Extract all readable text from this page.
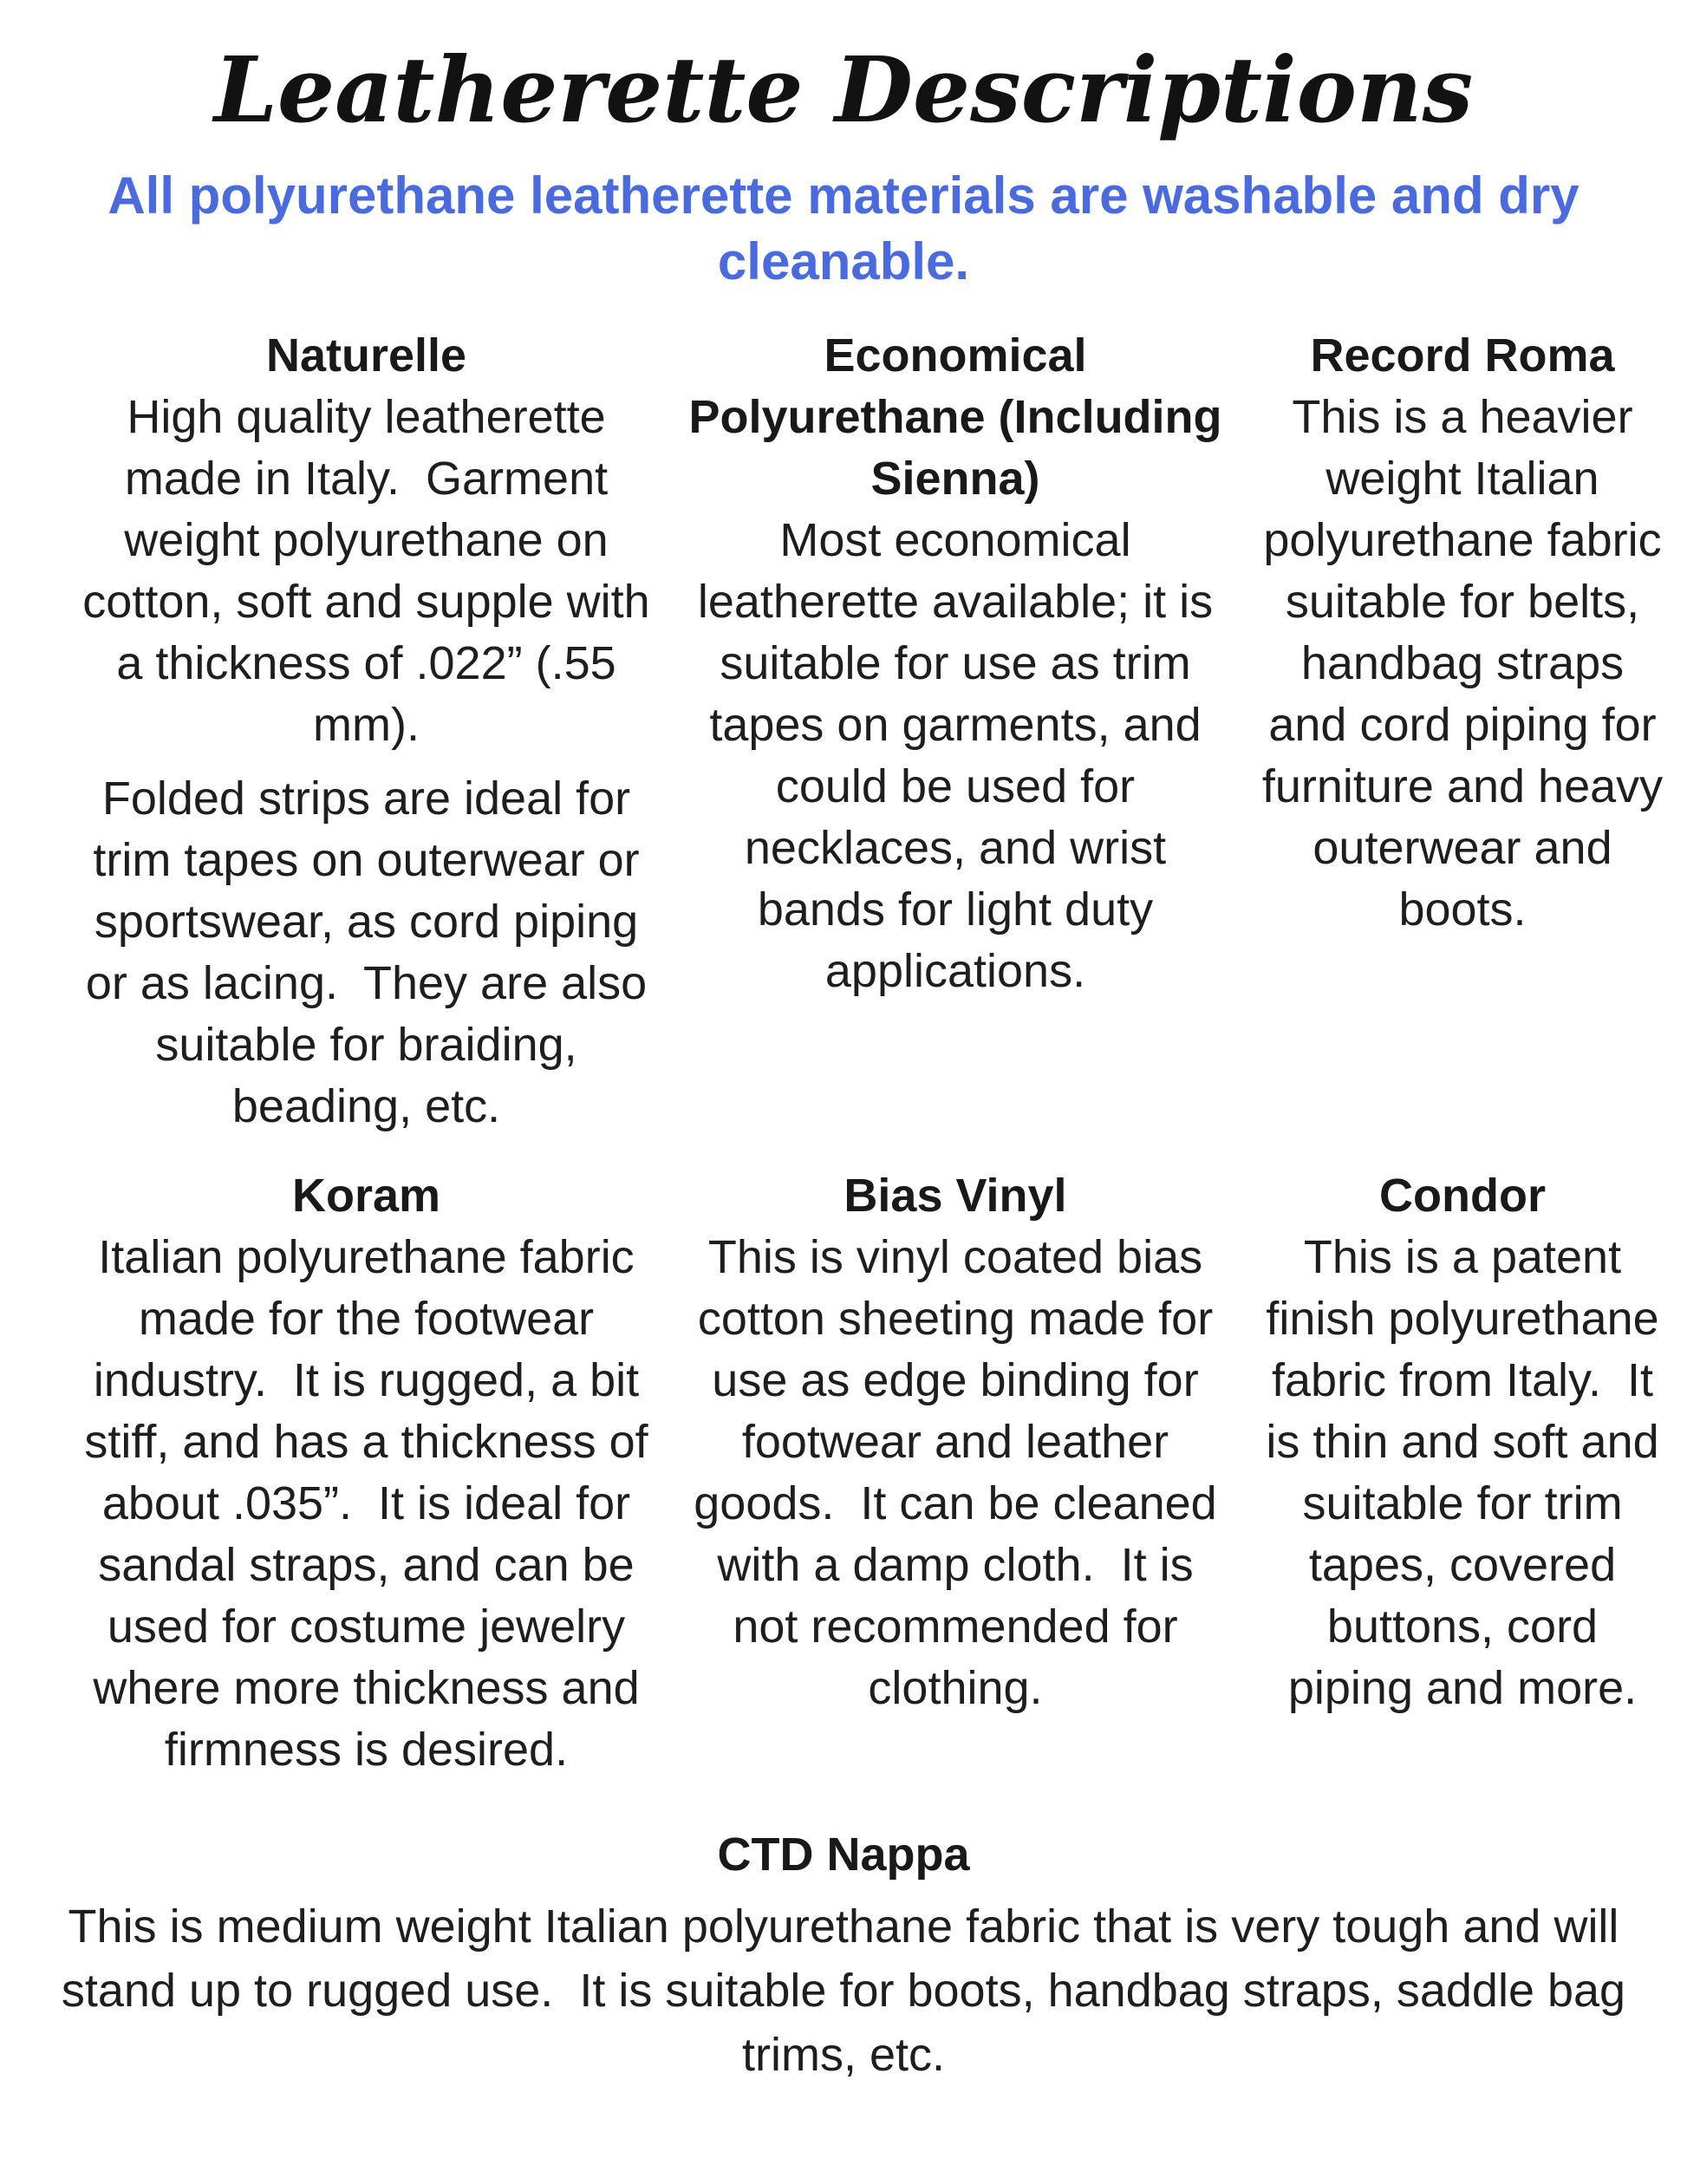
Leatherette Descriptions

All polyurethane leatherette materials are washable and dry cleanable.

Naturelle

High quality leatherette made in Italy.  Garment weight polyurethane on cotton, soft and supple with a thickness of .022” (.55 mm).

Folded strips are ideal for trim tapes on outerwear or sportswear, as cord piping or as lacing.  They are also suitable for braiding, beading, etc.

Economical Polyurethane (Including Sienna)

Most economical leatherette available; it is suitable for use as trim tapes on garments, and could be used for necklaces, and wrist bands for light duty applications.

Record Roma

This is a heavier weight Italian polyurethane fabric suitable for belts, handbag straps and cord piping for furniture and heavy outerwear and boots.

Koram

Italian polyurethane fabric made for the footwear industry.  It is rugged, a bit stiff, and has a thickness of about .035”.  It is ideal for sandal straps, and can be used for costume jewelry where more thickness and firmness is desired.

Bias Vinyl

This is vinyl coated bias cotton sheeting made for use as edge binding for footwear and leather goods.  It can be cleaned with a damp cloth.  It is not recommended for clothing.

Condor

This is a patent finish polyurethane fabric from Italy.  It is thin and soft and suitable for trim tapes, covered buttons, cord piping and more.

CTD Nappa

This is medium weight Italian polyurethane fabric that is very tough and will stand up to rugged use.  It is suitable for boots, handbag straps, saddle bag trims, etc.
